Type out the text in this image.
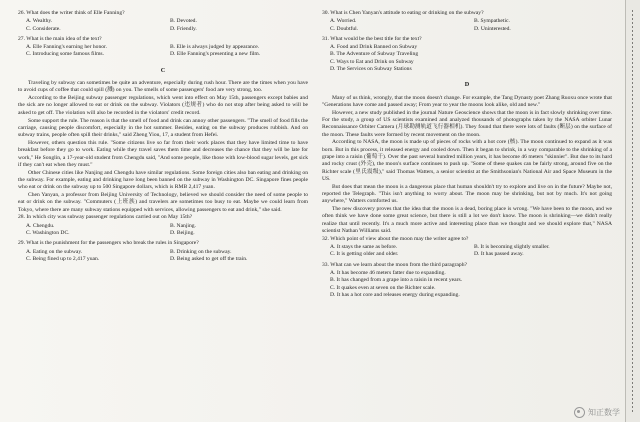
26. What does the writer think of Elle Fanning?
A. Wealthy.	B. Devoted.
C. Considerate.	D. Friendly.
27. What is the main idea of the text?
A. Elle Fanning's earning her honor.	B. Elle is always judged by appearance.
C. Introducing some famous films.	D. Elle Fanning's presenting a new film.
C

Traveling by subway can sometimes be quite an adventure, especially during rush hour. There are the times when you have to avoid cups of coffee that could spill (溅) on you. The smells of some passengers' food are very strong, too.

According to the Beijing subway passenger regulations, which went into effect on May 15th, passengers except babies and the sick are no longer allowed to eat or drink on the subway. Violators (违规者) who do not stop after being asked to will be asked to get off. The violation will also be recorded in the violators' credit record.

Some support the rule. The reason is that the smell of food and drink can annoy other passengers. "The smell of food fills the carriage, causing people discomfort, especially in the hot summer. Besides, eating on the subway produces rubbish. And on subway trains, people often spill their drinks," said Zheng Yiou, 17, a student from Hefei.

However, others question this rule. "Some citizens live so far from their work places that they have limited time to have breakfast before they go to work. Eating while they travel saves them time and decreases the chance that they will be late for work," He Songlin, a 17-year-old student from Chengdu said, "And some people, like those with low-blood sugar levels, get sick if they can't eat when they must."

Other Chinese cities like Nanjing and Chengdu have similar regulations. Some foreign cities also ban eating and drinking on the subway. For example, eating and drinking have long been banned on the subway in Washington DC. Singapore fines people who eat or drink on the subway up to 500 Singapore dollars, which is RMB 2,417 yuan.

Chen Yanyan, a professor from Beijing University of Technology, believed we should consider the need of some people to eat or drink on the subway. "Commuters (上班族) and travelers are sometimes too busy to eat. Maybe we could learn from Tokyo, where there are many subway stations equipped with services, allowing passengers to eat and drink," she said.

28. In which city was subway passenger regulations carried out on May 15th?
A. Chengdu.	B. Nanjing.
C. Washington DC.	D. Beijing.
29. What is the punishment for the passengers who break the rules in Singapore?
A. Eating on the subway.	B. Drinking on the subway.
C. Being fined up to 2,417 yuan.	D. Being asked to get off the train.
30. What is Chen Yanyan's attitude to eating or drinking on the subway?
A. Worried.	B. Sympathetic.
C. Doubtful.	D. Uninterested.
31. What would be the best title for the text?
A. Food and Drink Banned on Subway
B. The Adventure of Subway Traveling
C. Ways to Eat and Drink on Subway
D. The Services on Subway Stations
D

Many of us think, wrongly, that the moon doesn't change. For example, the Tang Dynasty poet Zhang Ruoxu once wrote that "Generations have come and passed away; From year to year the moons look alike, old and new."

However, a new study published in the journal Nature Geoscience shows that the moon is in fact slowly shrinking over time. For the study, a group of US scientists examined and analyzed thousands of photographs taken by the NASA orbiter Lunar Reconnaissance Orbiter Camera (月球勘测轨道飞行器相机). They found that there were lots of faults (断层) on the surface of the moon. These faults were formed by recent movement on the moon.

According to NASA, the moon is made up of pieces of rocks with a hot core (核). The moon continued to expand as it was born. But in this process, it released energy and cooled down. Then it began to shrink, in a way comparable to the shrinking of a grape into a raisin (葡萄干). Over the past several hundred million years, it has become 46 meters "skinnier". But due to its hard and rocky crust (外壳), the moon's surface continues to push up. "Some of these quakes can be fairly strong, around five on the Richter scale (里氏震级)," said Thomas Watters, a senior scientist at the Smithsonian's National Air and Space Museum in the US.

But does that mean the moon is a dangerous place that human shouldn't try to explore and live on in the future? Maybe not, reported the Telegraph. "This isn't anything to worry about. The moon may be shrinking, but not by much. It's not going anywhere," Watters comforted us.

The new discovery proves that the idea that the moon is a dead, boring place is wrong. "We have been to the moon, and we often think we have done some great science, but there is still a lot we don't know. The moon is shrinking—we didn't really realize that until recently. It's a much more active and interesting place than we thought and we should explore that," NASA scientist Nathan Williams said.

32. Which point of view about the moon may the writer agree to?
A. It stays the same as before.	B. It is becoming slightly smaller.
C. It is getting older and older.	D. It has passed away.
33. What can we learn about the moon from the third paragraph?
A. It has become 46 meters fatter due to expanding.
B. It has changed from a grape into a raisin in recent years.
C. It quakes even at seven on the Richter scale.
D. It has a hot core and releases energy during expanding.
知正数学
